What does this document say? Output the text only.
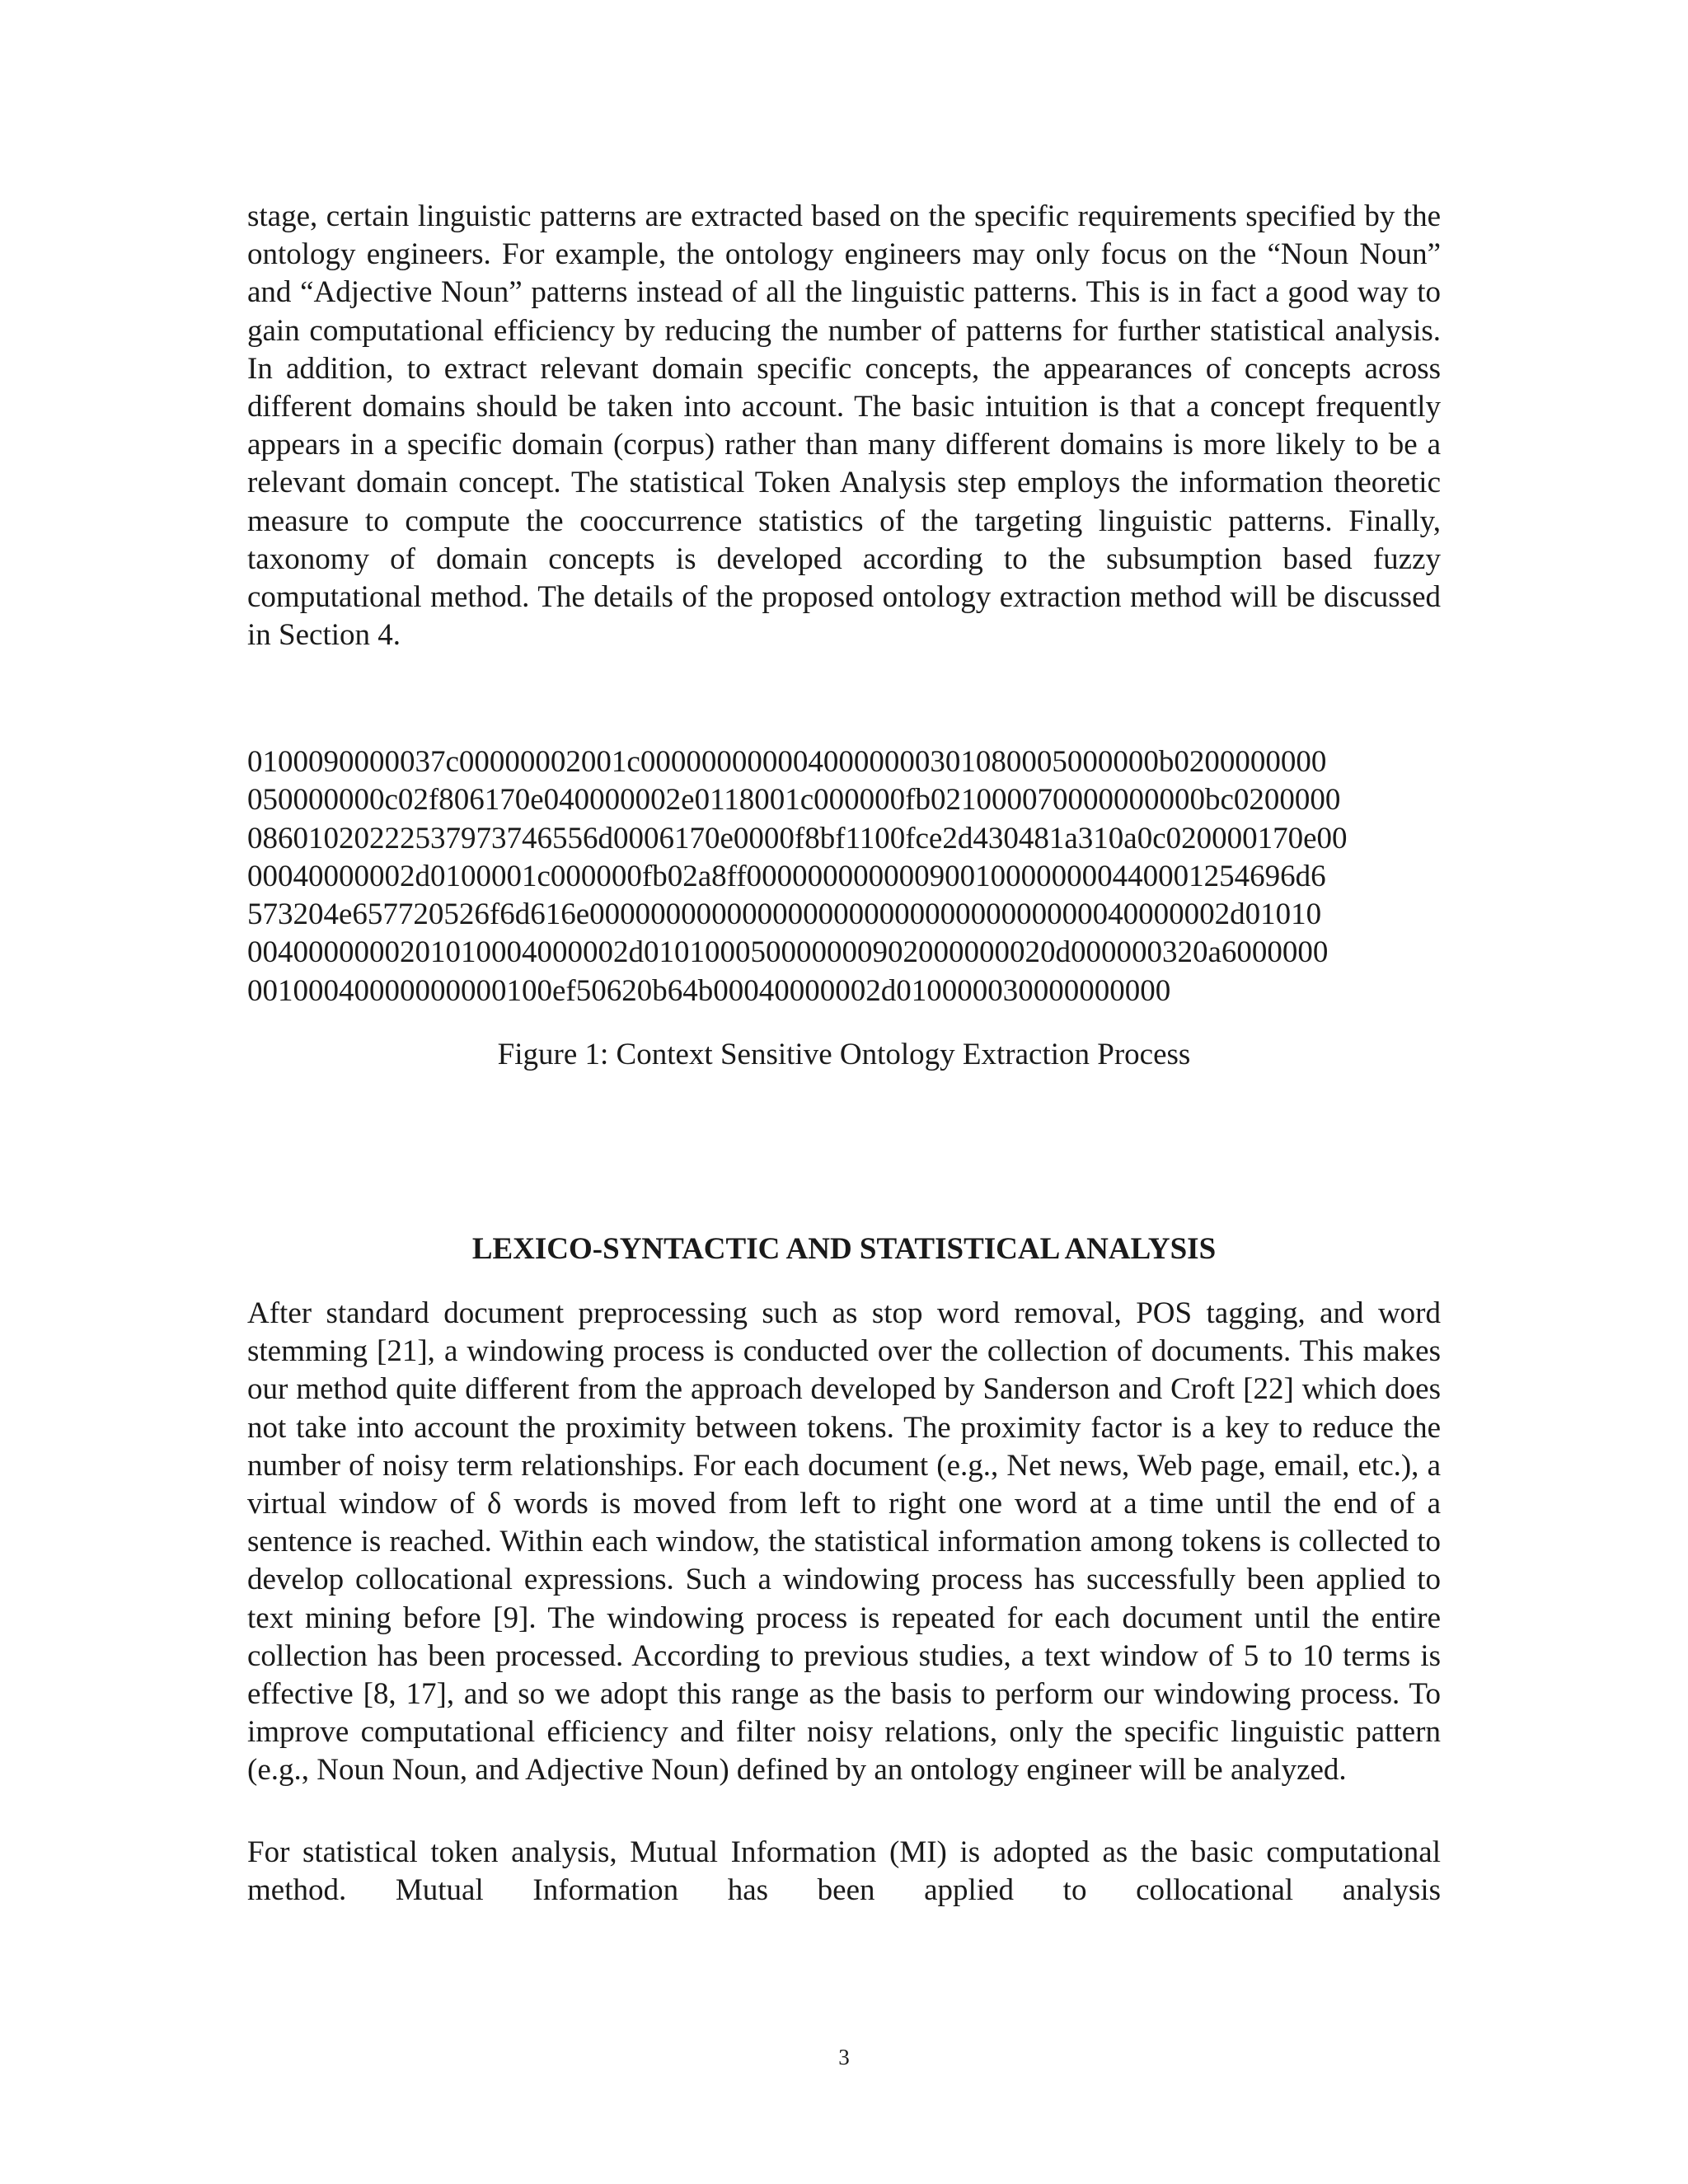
stage, certain linguistic patterns are extracted based on the specific requirements specified by the ontology engineers. For example, the ontology engineers may only focus on the “Noun Noun” and “Adjective Noun” patterns instead of all the linguistic patterns. This is in fact a good way to gain computational efficiency by reducing the number of patterns for further statistical analysis. In addition, to extract relevant domain specific concepts, the appearances of concepts across different domains should be taken into account. The basic intuition is that a concept frequently appears in a specific domain (corpus) rather than many different domains is more likely to be a relevant domain concept. The statistical Token Analysis step employs the information theoretic measure to compute the cooccurrence statistics of the targeting linguistic patterns. Finally, taxonomy of domain concepts is developed according to the subsumption based fuzzy computational method. The details of the proposed ontology extraction method will be discussed in Section 4.

0100090000037c00000002001c0000000000040000000301080005000000b0200000000
050000000c02f806170e040000002e0118001c000000fb021000070000000000bc0200000
08601020222537973746556d0006170e0000f8bf1100fce2d430481a310a0c020000170e00
00040000002d0100001c000000fb02a8ff000000000000900100000000440001254696d6
573204e657720526f6d616e000000000000000000000000000000000040000002d01010
0040000000201010004000002d010100050000000902000000020d000000320a6000000
00100040000000000100ef50620b64b00040000002d010000030000000000
Figure 1: Context Sensitive Ontology Extraction Process
LEXICO-SYNTACTIC AND STATISTICAL ANALYSIS

After standard document preprocessing such as stop word removal, POS tagging, and word stemming [21], a windowing process is conducted over the collection of documents. This makes our method quite different from the approach developed by Sanderson and Croft [22] which does not take into account the proximity between tokens. The proximity factor is a key to reduce the number of noisy term relationships. For each document (e.g., Net news, Web page, email, etc.), a virtual window of δ words is moved from left to right one word at a time until the end of a sentence is reached. Within each window, the statistical information among tokens is collected to develop collocational expressions. Such a windowing process has successfully been applied to text mining before [9]. The windowing process is repeated for each document until the entire collection has been processed. According to previous studies, a text window of 5 to 10 terms is effective [8, 17], and so we adopt this range as the basis to perform our windowing process. To improve computational efficiency and filter noisy relations, only the specific linguistic pattern (e.g., Noun Noun, and Adjective Noun) defined by an ontology engineer will be analyzed.

For statistical token analysis, Mutual Information (MI) is adopted as the basic computational method. Mutual Information has been applied to collocational analysis

3
